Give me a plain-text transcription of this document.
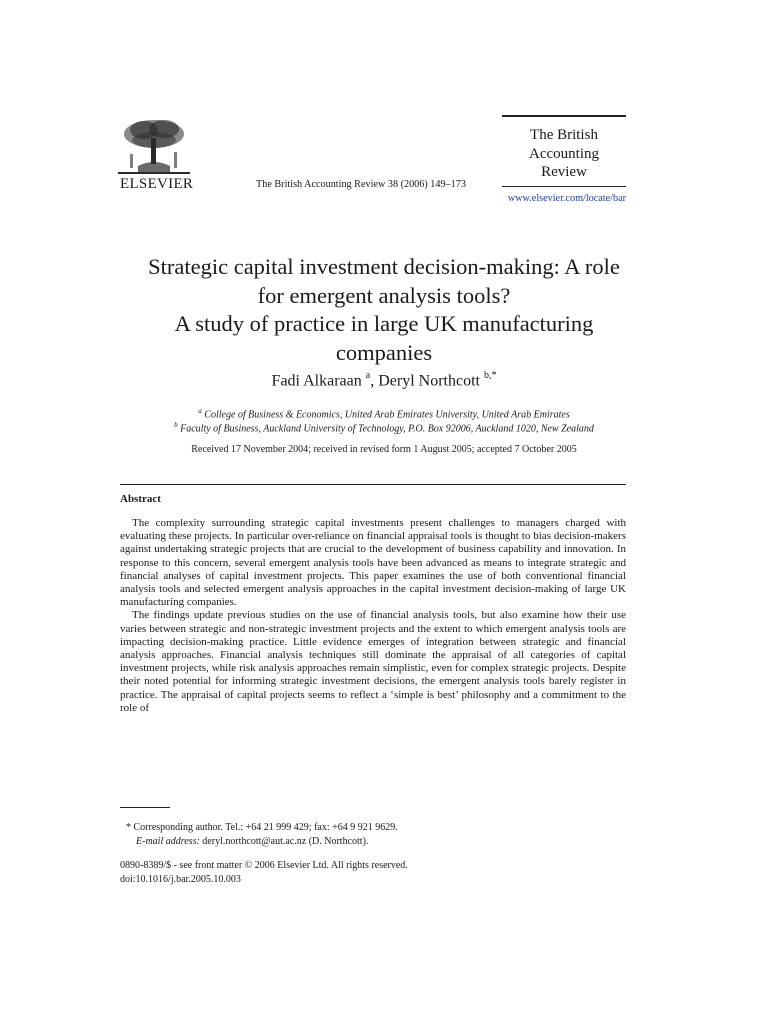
ELSEVIER	The British Accounting Review 38 (2006) 149–173
The British
Accounting
Review
www.elsevier.com/locate/bar
Strategic capital investment decision-making: A role
for emergent analysis tools?
A study of practice in large UK manufacturing
companies
Fadi Alkaraan $^a$, Deryl Northcott $^{b,*}$
$^a$ College of Business & Economics, United Arab Emirates University, United Arab Emirates
$^b$ Faculty of Business, Auckland University of Technology, P.O. Box 92006, Auckland 1020, New Zealand
Received 17 November 2004; received in revised form 1 August 2005; accepted 7 October 2005
Abstract

The complexity surrounding strategic capital investments present challenges to managers charged with evaluating these projects. In particular over-reliance on financial appraisal tools is thought to bias decision-makers against undertaking strategic projects that are crucial to the development of business capability and innovation. In response to this concern, several emergent analysis tools have been advanced as means to integrate strategic and financial analyses of capital investment projects. This paper examines the use of both conventional financial analysis tools and selected emergent analysis approaches in the capital investment decision-making of large UK manufacturing companies.

The findings update previous studies on the use of financial analysis tools, but also examine how their use varies between strategic and non-strategic investment projects and the extent to which emergent analysis tools are impacting decision-making practice. Little evidence emerges of integration between strategic and financial analysis approaches. Financial analysis techniques still dominate the appraisal of all categories of capital investment projects, while risk analysis approaches remain simplistic, even for complex strategic projects. Despite their noted potential for informing strategic investment decisions, the emergent analysis tools barely register in practice. The appraisal of capital projects seems to reflect a ‘simple is best’ philosophy and a commitment to the role of

* Corresponding author. Tel.: +64 21 999 429; fax: +64 9 921 9629.
E-mail address: deryl.northcott@aut.ac.nz (D. Northcott).
0890-8389/$ - see front matter © 2006 Elsevier Ltd. All rights reserved.
doi:10.1016/j.bar.2005.10.003
